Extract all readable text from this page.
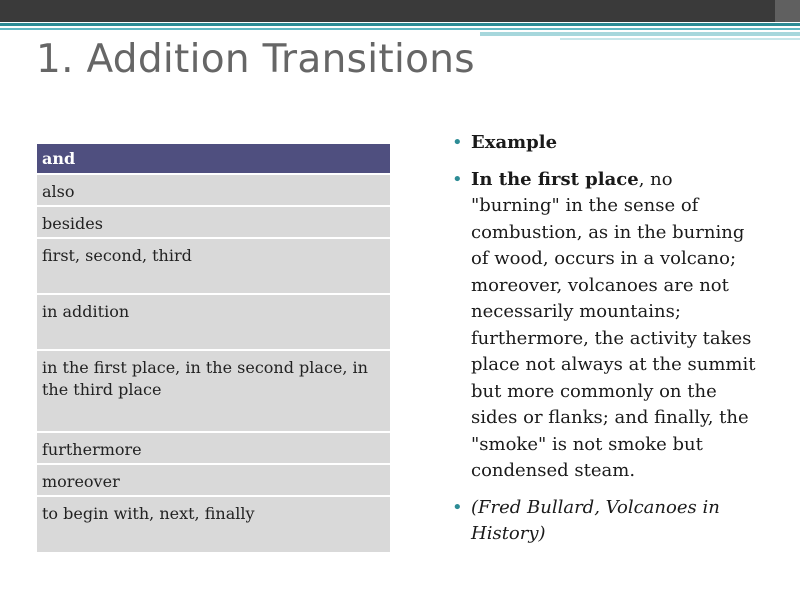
1. Addition Transitions
and
also
besides
first, second, third
in addition
in the first place, in the second place, in the third place
furthermore
moreover
to begin with, next, finally
• Example
• In the first place, no "burning" in the sense of combustion, as in the burning of wood, occurs in a volcano; moreover, volcanoes are not necessarily mountains; furthermore, the activity takes place not always at the summit but more commonly on the sides or flanks; and finally, the "smoke" is not smoke but condensed steam.
• (Fred Bullard, Volcanoes in History)
